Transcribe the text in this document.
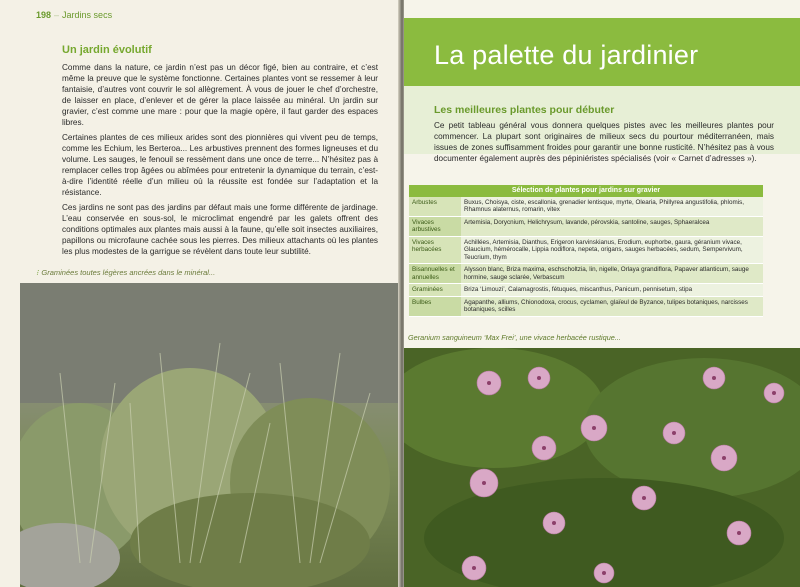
198 – Jardins secs
Un jardin évolutif

Comme dans la nature, ce jardin n’est pas un décor figé, bien au contraire, et c’est même la preuve que le système fonctionne. Certaines plantes vont se ressemer à leur fantaisie, d’autres vont couvrir le sol allègrement. À vous de jouer le chef d’orchestre, de laisser en place, d’enlever et de gérer la place laissée au minéral. Un jardin sur gravier, c’est comme une mare : pour que la magie opère, il faut garder des espaces libres.

Certaines plantes de ces milieux arides sont des pionnières qui vivent peu de temps, comme les Echium, les Berteroa... Les arbustives prennent des formes ligneuses et du volume. Les sauges, le fenouil se ressèment dans une once de terre... N’hésitez pas à remplacer celles trop âgées ou abîmées pour entretenir la dynamique du terrain, c’est-à-dire l’identité réelle d’un milieu où la réussite est fondée sur l’adaptation et la résistance.

Ces jardins ne sont pas des jardins par défaut mais une forme différente de jardinage. L’eau conservée en sous-sol, le microclimat engendré par les galets offrent des conditions optimales aux plantes mais aussi à la faune, qu’elle soit insectes auxiliaires, papillons ou microfaune cachée sous les pierres. Des milieux attachants où les plantes les plus modestes de la garrigue se révèlent dans toute leur subtilité.

⁝ Graminées toutes légères ancrées dans le minéral...
La palette du jardinier
Les meilleures plantes pour débuter
Ce petit tableau général vous donnera quelques pistes avec les meilleures plantes pour commencer. La plupart sont originaires de milieux secs du pourtour méditerranéen, mais issues de zones suffisamment froides pour garantir une bonne rusticité. N’hésitez pas à vous documenter également auprès des pépiniéristes spécialisés (voir « Carnet d’adresses »).
Sélection de plantes pour jardins sur gravier	
Arbustes	Buxus, Choisya, ciste, escallonia, grenadier lentisque, myrte, Olearia, Phillyrea angustifolia, phlomis, Rhamnus alaternus, romarin, vitex
Vivaces arbustives	Artemisia, Dorycnium, Helichrysum, lavande, pérovskia, santoline, sauges, Sphaeralcea
Vivaces herbacées	Achillées, Artemisia, Dianthus, Erigeron karvinskianus, Erodium, euphorbe, gaura, géranium vivace, Glaucium, hémérocalle, Lippia nodiflora, nepeta, origans, sauges herbacées, sedum, Sempervivum, Teucrium, thym
Bisannuelles et annuelles	Alysson blanc, Briza maxima, eschscholtzia, lin, nigelle, Orlaya grandiflora, Papaver atlanticum, sauge hormine, sauge sclarée, Verbascum
Graminées	Briza ‘Limouzi’, Calamagrostis, fétuques, miscanthus, Panicum, pennisetum, stipa
Bulbes	Agapanthe, alliums, Chionodoxa, crocus, cyclamen, glaïeul de Byzance, tulipes botaniques, narcisses botaniques, scilles
Geranium sanguineum ‘Max Frei’, une vivace herbacée rustique...
